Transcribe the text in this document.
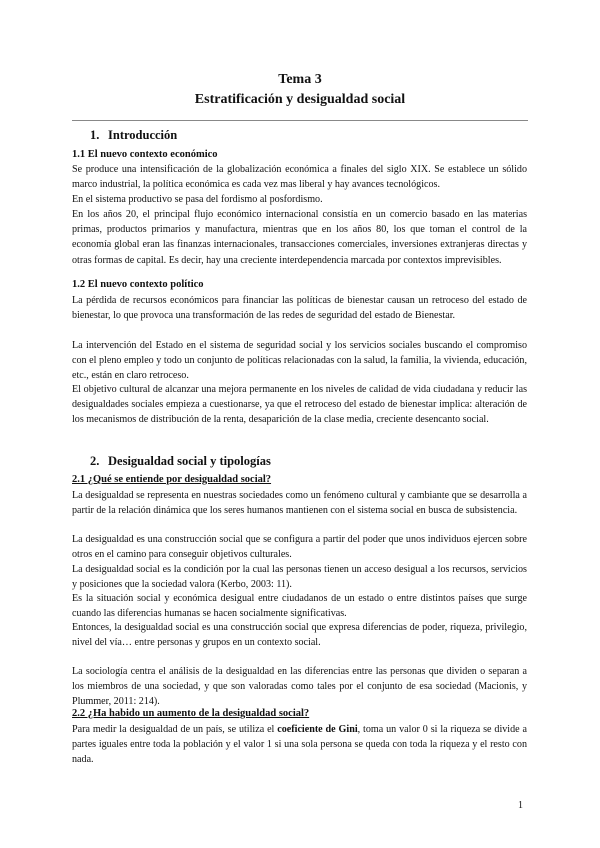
Tema 3
Estratificación y desigualdad social
1. Introducción
1.1 El nuevo contexto económico
Se produce una intensificación de la globalización económica a finales del siglo XIX. Se establece un sólido marco industrial, la política económica es cada vez mas liberal y hay avances tecnológicos.
En el sistema productivo se pasa del fordismo al posfordismo.
En los años 20, el principal flujo económico internacional consistía en un comercio basado en las materias primas, productos primarios y manufactura, mientras que en los años 80, los que toman el control de la economía global eran las finanzas internacionales, transacciones comerciales, inversiones extranjeras directas y otras formas de capital. Es decir, hay una creciente interdependencia marcada por contextos imprevisibles.
1.2 El nuevo contexto político
La pérdida de recursos económicos para financiar las políticas de bienestar causan un retroceso del estado de bienestar, lo que provoca una transformación de las redes de seguridad del estado de Bienestar.
La intervención del Estado en el sistema de seguridad social y los servicios sociales buscando el compromiso con el pleno empleo y todo un conjunto de políticas relacionadas con la salud, la familia, la vivienda, educación, etc., están en claro retroceso.
El objetivo cultural de alcanzar una mejora permanente en los niveles de calidad de vida ciudadana y reducir las desigualdades sociales empieza a cuestionarse, ya que el retroceso del estado de bienestar implica: alteración de los mecanismos de distribución de la renta, desaparición de la clase media, creciente desencanto social.
2. Desigualdad social y tipologías
2.1 ¿Qué se entiende por desigualdad social?
La desigualdad se representa en nuestras sociedades como un fenómeno cultural y cambiante que se desarrolla a partir de la relación dinámica que los seres humanos mantienen con el sistema social en busca de subsistencia.
La desigualdad es una construcción social que se configura a partir del poder que unos individuos ejercen sobre otros en el camino para conseguir objetivos culturales.
La desigualdad social es la condición por la cual las personas tienen un acceso desigual a los recursos, servicios y posiciones que la sociedad valora (Kerbo, 2003: 11).
Es la situación social y económica desigual entre ciudadanos de un estado o entre distintos países que surge cuando las diferencias humanas se hacen socialmente significativas.
Entonces, la desigualdad social es una construcción social que expresa diferencias de poder, riqueza, privilegio, nivel del vía… entre personas y grupos en un contexto social.
La sociología centra el análisis de la desigualdad en las diferencias entre las personas que dividen o separan a los miembros de una sociedad, y que son valoradas como tales por el conjunto de esa sociedad (Macionis, y Plummer, 2011: 214).
2.2 ¿Ha habido un aumento de la desigualdad social?
Para medir la desigualdad de un país, se utiliza el coeficiente de Gini, toma un valor 0 si la riqueza se divide a partes iguales entre toda la población y el valor 1 si una sola persona se queda con toda la riqueza y el resto con nada.
1
